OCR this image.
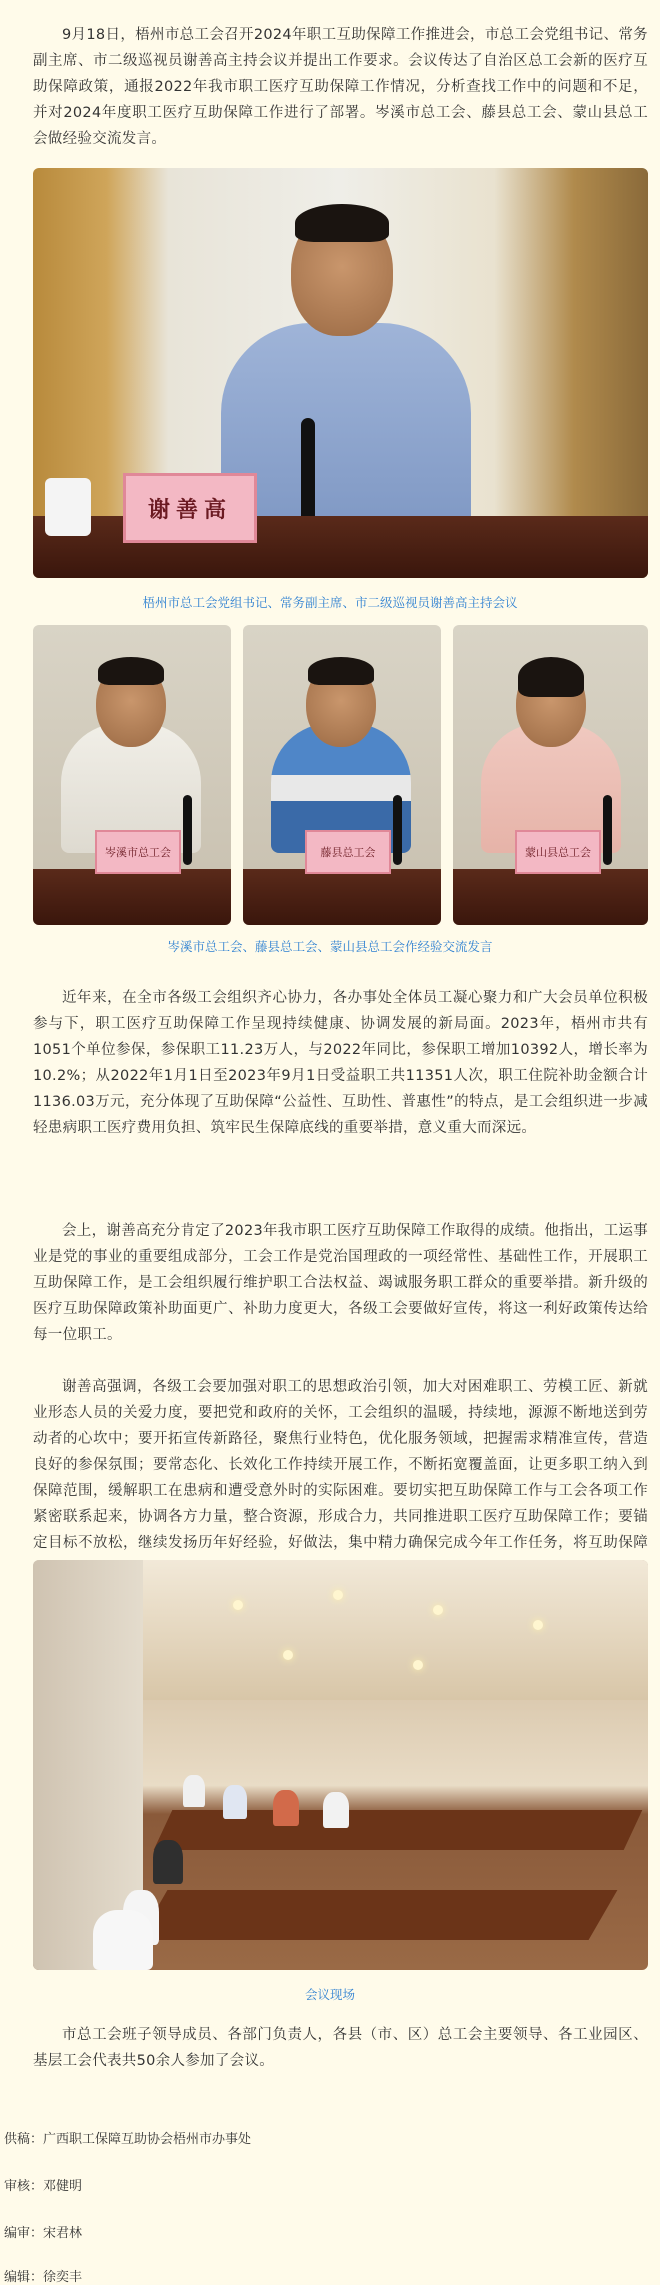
9月18日，梧州市总工会召开2024年职工互助保障工作推进会，市总工会党组书记、常务副主席、市二级巡视员谢善高主持会议并提出工作要求。会议传达了自治区总工会新的医疗互助保障政策，通报2022年我市职工医疗互助保障工作情况，分析查找工作中的问题和不足，并对2024年度职工医疗互助保障工作进行了部署。岑溪市总工会、藤县总工会、蒙山县总工会做经验交流发言。

谢善高
梧州市总工会党组书记、常务副主席、市二级巡视员谢善高主持会议
岑溪市总工会	藤县总工会	蒙山县总工会
岑溪市总工会、藤县总工会、蒙山县总工会作经验交流发言

近年来，在全市各级工会组织齐心协力，各办事处全体员工凝心聚力和广大会员单位积极参与下，职工医疗互助保障工作呈现持续健康、协调发展的新局面。2023年，梧州市共有1051个单位参保，参保职工11.23万人，与2022年同比，参保职工增加10392人，增长率为10.2%；从2022年1月1日至2023年9月1日受益职工共11351人次，职工住院补助金额合计1136.03万元，充分体现了互助保障“公益性、互助性、普惠性”的特点，是工会组织进一步减轻患病职工医疗费用负担、筑牢民生保障底线的重要举措，意义重大而深远。

会上，谢善高充分肯定了2023年我市职工医疗互助保障工作取得的成绩。他指出，工运事业是党的事业的重要组成部分，工会工作是党治国理政的一项经常性、基础性工作，开展职工互助保障工作，是工会组织履行维护职工合法权益、竭诚服务职工群众的重要举措。新升级的医疗互助保障政策补助面更广、补助力度更大，各级工会要做好宣传，将这一利好政策传达给每一位职工。

谢善高强调，各级工会要加强对职工的思想政治引领，加大对困难职工、劳模工匠、新就业形态人员的关爱力度，要把党和政府的关怀，工会组织的温暖，持续地，源源不断地送到劳动者的心坎中；要开拓宣传新路径，聚焦行业特色，优化服务领域，把握需求精准宣传，营造良好的参保氛围；要常态化、长效化工作持续开展工作，不断拓宽覆盖面，让更多职工纳入到保障范围，缓解职工在患病和遭受意外时的实际困难。要切实把互助保障工作与工会各项工作紧密联系起来，协调各方力量，整合资源，形成合力，共同推进职工医疗互助保障工作；要锚定目标不放松，继续发扬历年好经验，好做法，集中精力确保完成今年工作任务，将互助保障

会议现场

市总工会班子领导成员、各部门负责人，各县（市、区）总工会主要领导、各工业园区、基层工会代表共50余人参加了会议。

供稿：广西职工保障互助协会梧州市办事处
审核：邓健明
编审：宋君林
编辑：徐奕丰
